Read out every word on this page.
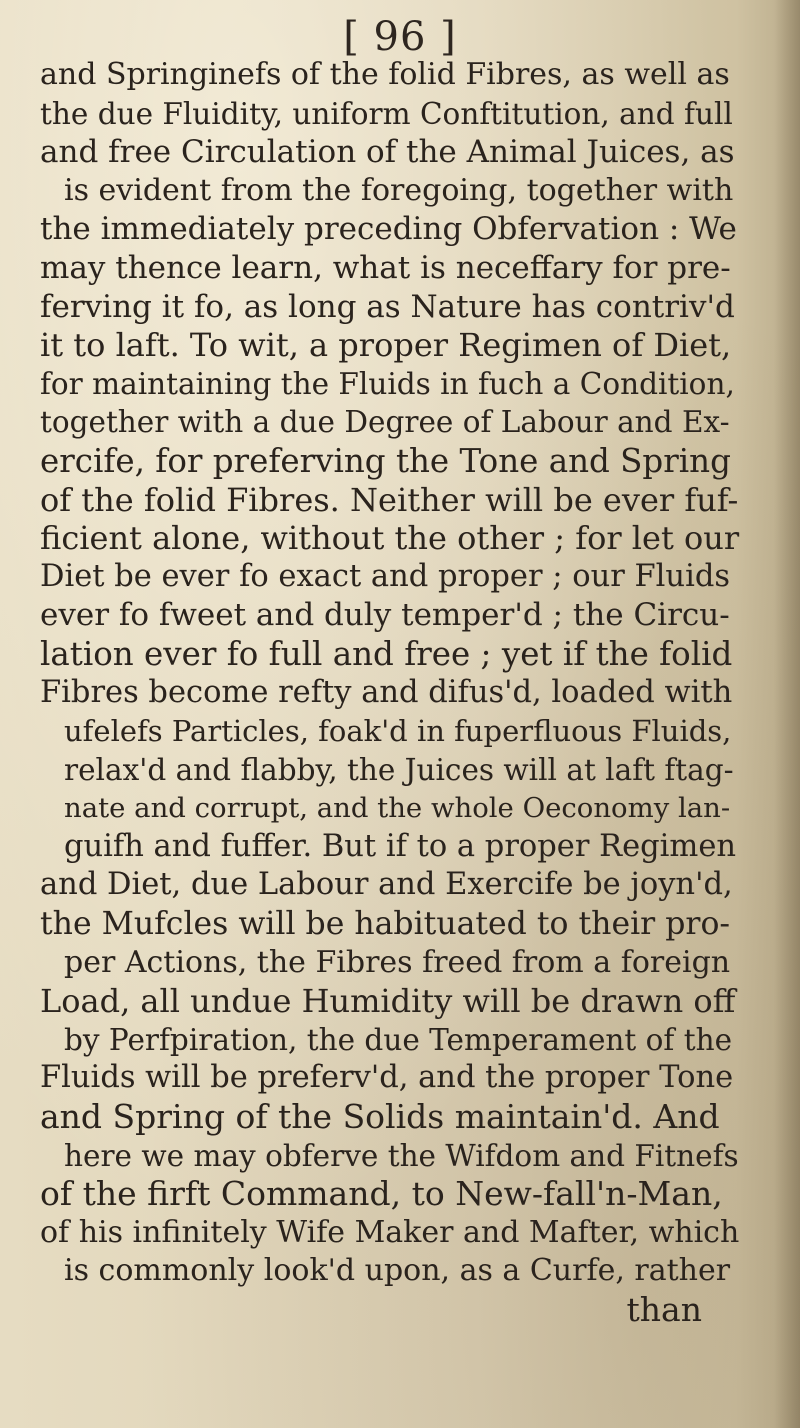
[ 96 ]
and Springinefs of the folid Fibres, as well as
the due Fluidity, uniform Conftitution, and full
and free Circulation of the Animal Juices, as
is evident from the foregoing, together with
the immediately preceding Obfervation : We
may thence learn, what is neceffary for pre-
ferving it fo, as long as Nature has contriv'd
it to laft. To wit, a proper Regimen of Diet,
for maintaining the Fluids in fuch a Condition,
together with a due Degree of Labour and Ex-
ercife, for preferving the Tone and Spring
of the folid Fibres. Neither will be ever fuf-
ficient alone, without the other ; for let our
Diet be ever fo exact and proper ; our Fluids
ever fo fweet and duly temper'd ; the Circu-
lation ever fo full and free ; yet if the folid
Fibres become refty and difus'd, loaded with
ufelefs Particles, foak'd in fuperfluous Fluids,
relax'd and flabby, the Juices will at laft ftag-
nate and corrupt, and the whole Oeconomy lan-
guifh and fuffer. But if to a proper Regimen
and Diet, due Labour and Exercife be joyn'd,
the Mufcles will be habituated to their pro-
per Actions, the Fibres freed from a foreign
Load, all undue Humidity will be drawn off
by Perfpiration, the due Temperament of the
Fluids will be preferv'd, and the proper Tone
and Spring of the Solids maintain'd. And
here we may obferve the Wifdom and Fitnefs
of the firft Command, to New-fall'n-Man,
of his infinitely Wife Maker and Mafter, which
is commonly look'd upon, as a Curfe, rather
than
